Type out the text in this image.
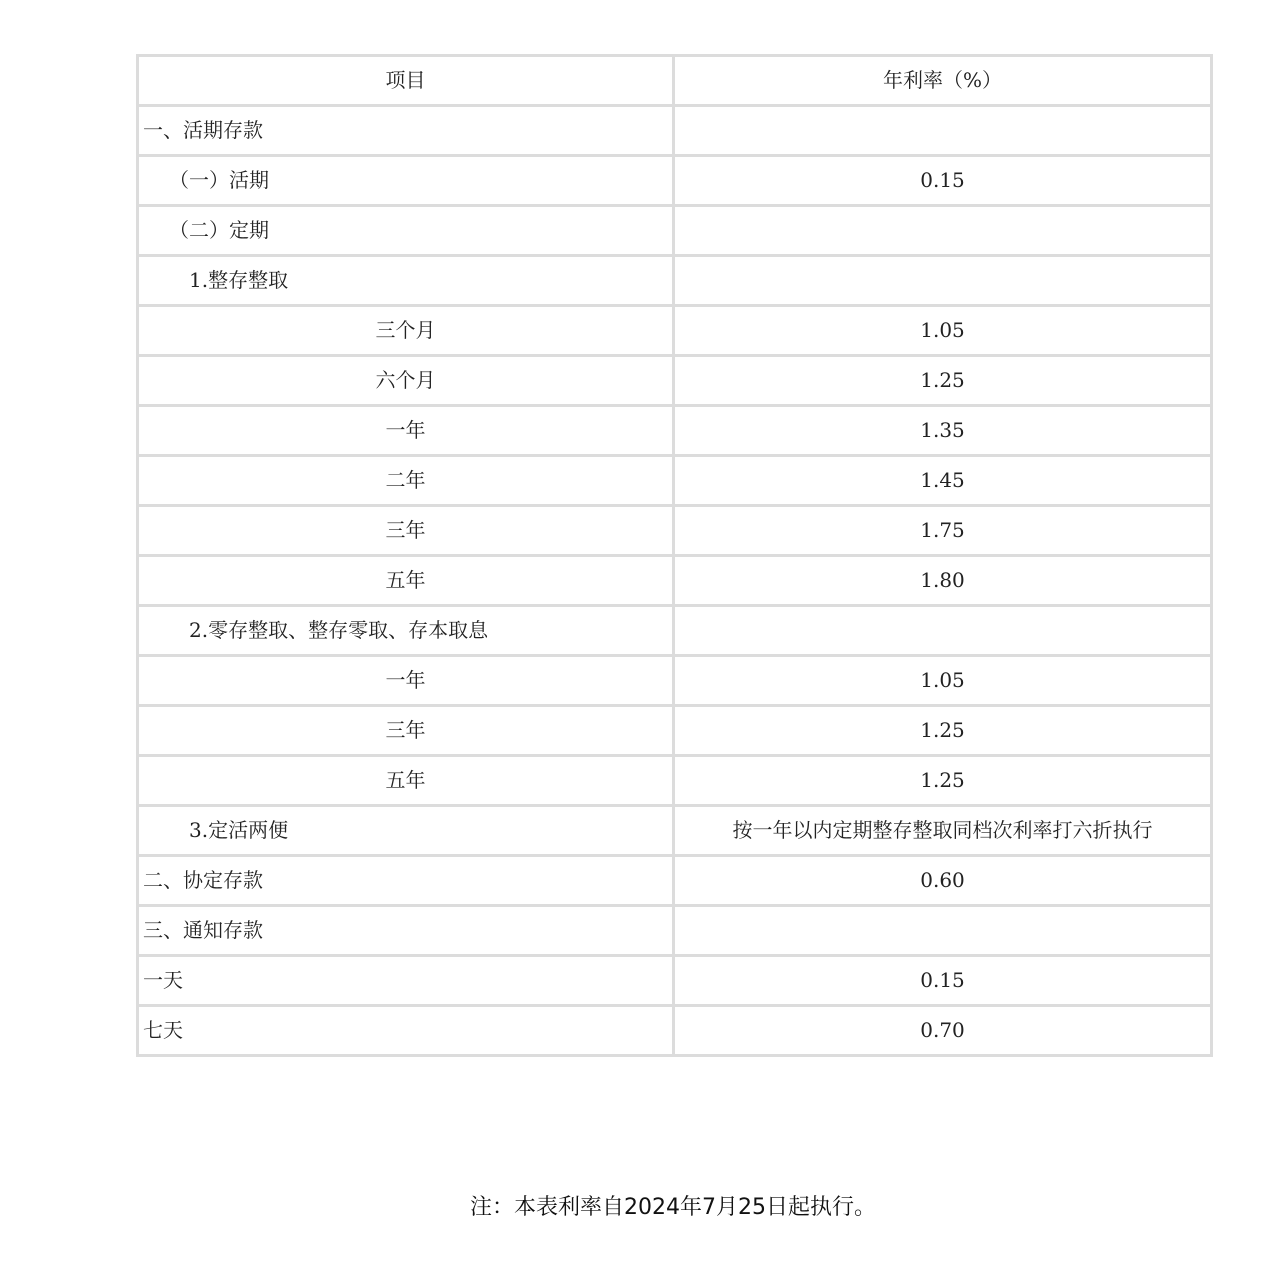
项目	年利率（%）
一、活期存款	
（一）活期	0.15
（二）定期	
1.整存整取	
三个月	1.05
六个月	1.25
一年	1.35
二年	1.45
三年	1.75
五年	1.80
2.零存整取、整存零取、存本取息	
一年	1.05
三年	1.25
五年	1.25
3.定活两便	按一年以内定期整存整取同档次利率打六折执行
二、协定存款	0.60
三、通知存款	
一天	0.15
七天	0.70
注：本表利率自2024年7月25日起执行。
